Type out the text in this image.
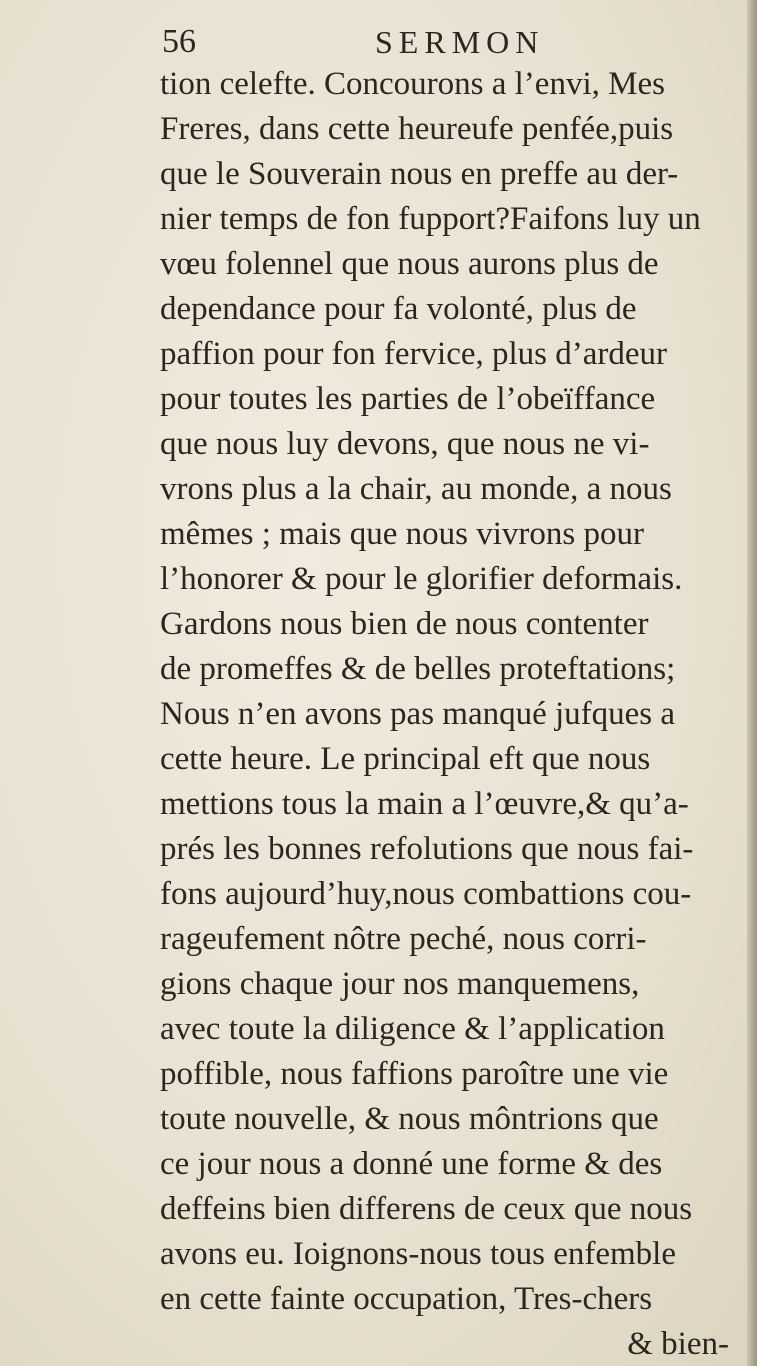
56	SERMON
tion celefte. Concourons a l’envi, Mes
Freres, dans cette heureufe penfée,puis
que le Souverain nous en preffe au der-
nier temps de fon fupport?Faifons luy un
vœu folennel que nous aurons plus de
dependance pour fa volonté, plus de
paffion pour fon fervice, plus d’ardeur
pour toutes les parties de l’obeïffance
que nous luy devons, que nous ne vi-
vrons plus a la chair, au monde, a nous
mêmes ; mais que nous vivrons pour
l’honorer & pour le glorifier deformais.
Gardons nous bien de nous contenter
de promeffes & de belles proteftations;
Nous n’en avons pas manqué jufques a
cette heure. Le principal eft que nous
mettions tous la main a l’œuvre,& qu’a-
prés les bonnes refolutions que nous fai-
fons aujourd’huy,nous combattions cou-
rageufement nôtre peché, nous corri-
gions chaque jour nos manquemens,
avec toute la diligence & l’application
poffible, nous faffions paroître une vie
toute nouvelle, & nous môntrions que
ce jour nous a donné une forme & des
deffeins bien differens de ceux que nous
avons eu. Ioignons-nous tous enfemble
en cette fainte occupation, Tres-chers
& bien-
